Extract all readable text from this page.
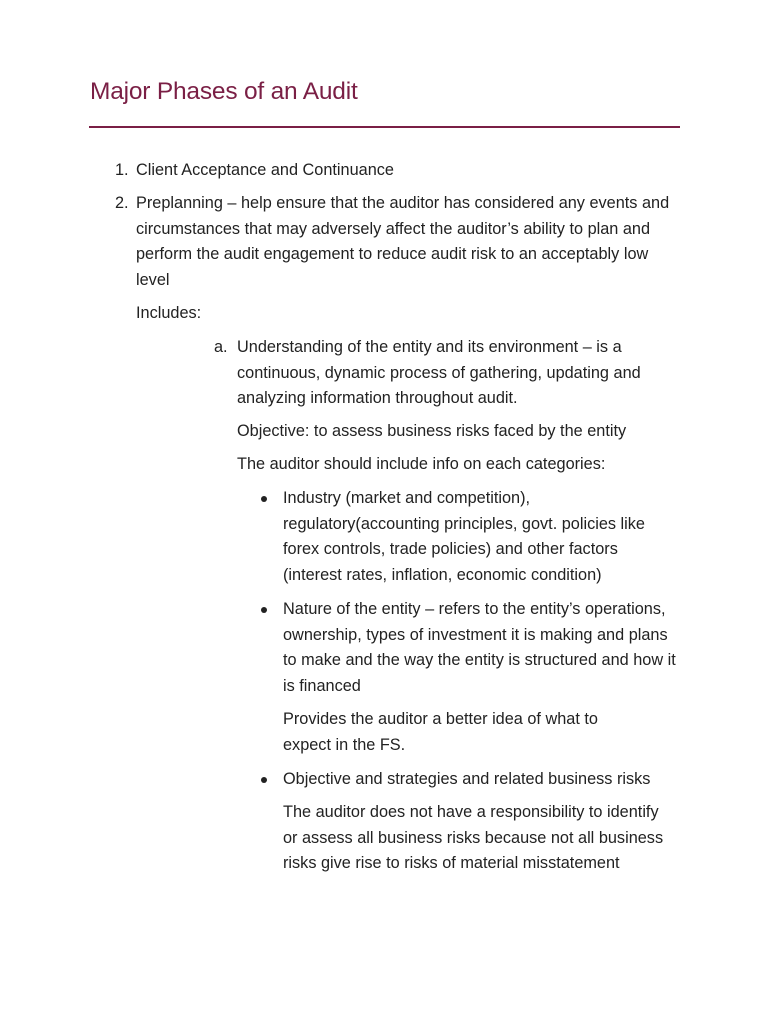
Major Phases of an Audit
1. Client Acceptance and Continuance
2. Preplanning – help ensure that the auditor has considered any events and circumstances that may adversely affect the auditor’s ability to plan and perform the audit engagement to reduce audit risk to an acceptably low level
Includes:
a. Understanding of the entity and its environment – is a continuous, dynamic process of gathering, updating and analyzing information throughout audit.
Objective: to assess business risks faced by the entity
The auditor should include info on each categories:
Industry (market and competition), regulatory(accounting principles, govt. policies like forex controls, trade policies) and other factors (interest rates, inflation, economic condition)
Nature of the entity – refers to the entity’s operations, ownership, types of investment it is making and plans to make and the way the entity is structured and how it is financed
Provides the auditor a better idea of what to expect in the FS.
Objective and strategies and related business risks
The auditor does not have a responsibility to identify or assess all business risks because not all business risks give rise to risks of material misstatement
